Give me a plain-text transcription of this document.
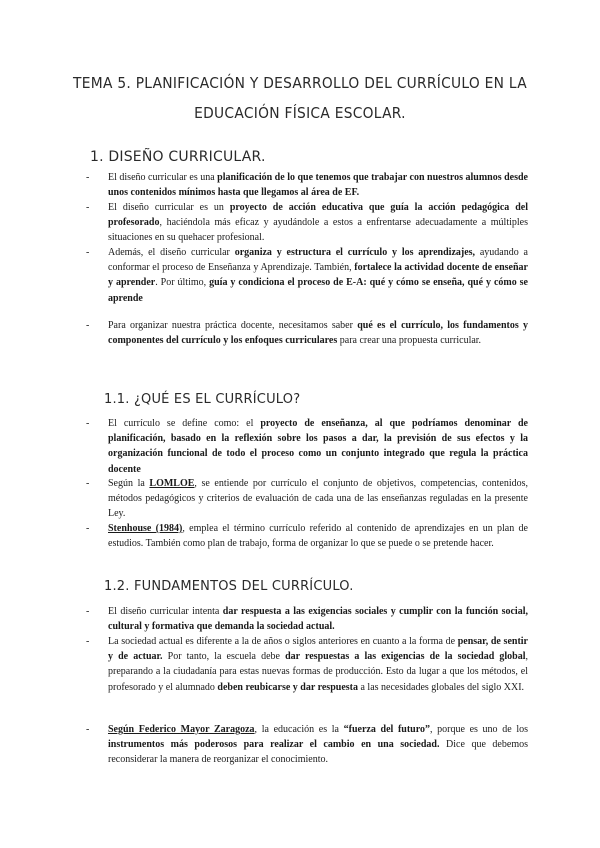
TEMA 5. PLANIFICACIÓN Y DESARROLLO DEL CURRÍCULO EN LA
EDUCACIÓN FÍSICA ESCOLAR.
1. DISEÑO CURRICULAR.
- El diseño curricular es una planificación de lo que tenemos que trabajar con nuestros alumnos desde unos contenidos mínimos hasta que llegamos al área de EF.
- El diseño curricular es un proyecto de acción educativa que guía la acción pedagógica del profesorado, haciéndola más eficaz y ayudándole a estos a enfrentarse adecuadamente a múltiples situaciones en su quehacer profesional.
- Además, el diseño curricular organiza y estructura el currículo y los aprendizajes, ayudando a conformar el proceso de Enseñanza y Aprendizaje. También, fortalece la actividad docente de enseñar y aprender. Por último, guía y condiciona el proceso de E-A: qué y cómo se enseña, qué y cómo se aprende
- Para organizar nuestra práctica docente, necesitamos saber qué es el currículo, los fundamentos y componentes del currículo y los enfoques curriculares para crear una propuesta curricular.
1.1. ¿QUÉ ES EL CURRÍCULO?
- El currículo se define como: el proyecto de enseñanza, al que podríamos denominar de planificación, basado en la reflexión sobre los pasos a dar, la previsión de sus efectos y la organización funcional de todo el proceso como un conjunto integrado que regula la práctica docente
- Según la LOMLOE, se entiende por currículo el conjunto de objetivos, competencias, contenidos, métodos pedagógicos y criterios de evaluación de cada una de las enseñanzas reguladas en la presente Ley.
- Stenhouse (1984), emplea el término currículo referido al contenido de aprendizajes en un plan de estudios. También como plan de trabajo, forma de organizar lo que se puede o se pretende hacer.
1.2. FUNDAMENTOS DEL CURRÍCULO.
- El diseño curricular intenta dar respuesta a las exigencias sociales y cumplir con la función social, cultural y formativa que demanda la sociedad actual.
- La sociedad actual es diferente a la de años o siglos anteriores en cuanto a la forma de pensar, de sentir y de actuar. Por tanto, la escuela debe dar respuestas a las exigencias de la sociedad global, preparando a la ciudadanía para estas nuevas formas de producción. Esto da lugar a que los métodos, el profesorado y el alumnado deben reubicarse y dar respuesta a las necesidades globales del siglo XXI.
- Según Federico Mayor Zaragoza, la educación es la “fuerza del futuro”, porque es uno de los instrumentos más poderosos para realizar el cambio en una sociedad. Dice que debemos reconsiderar la manera de reorganizar el conocimiento.
